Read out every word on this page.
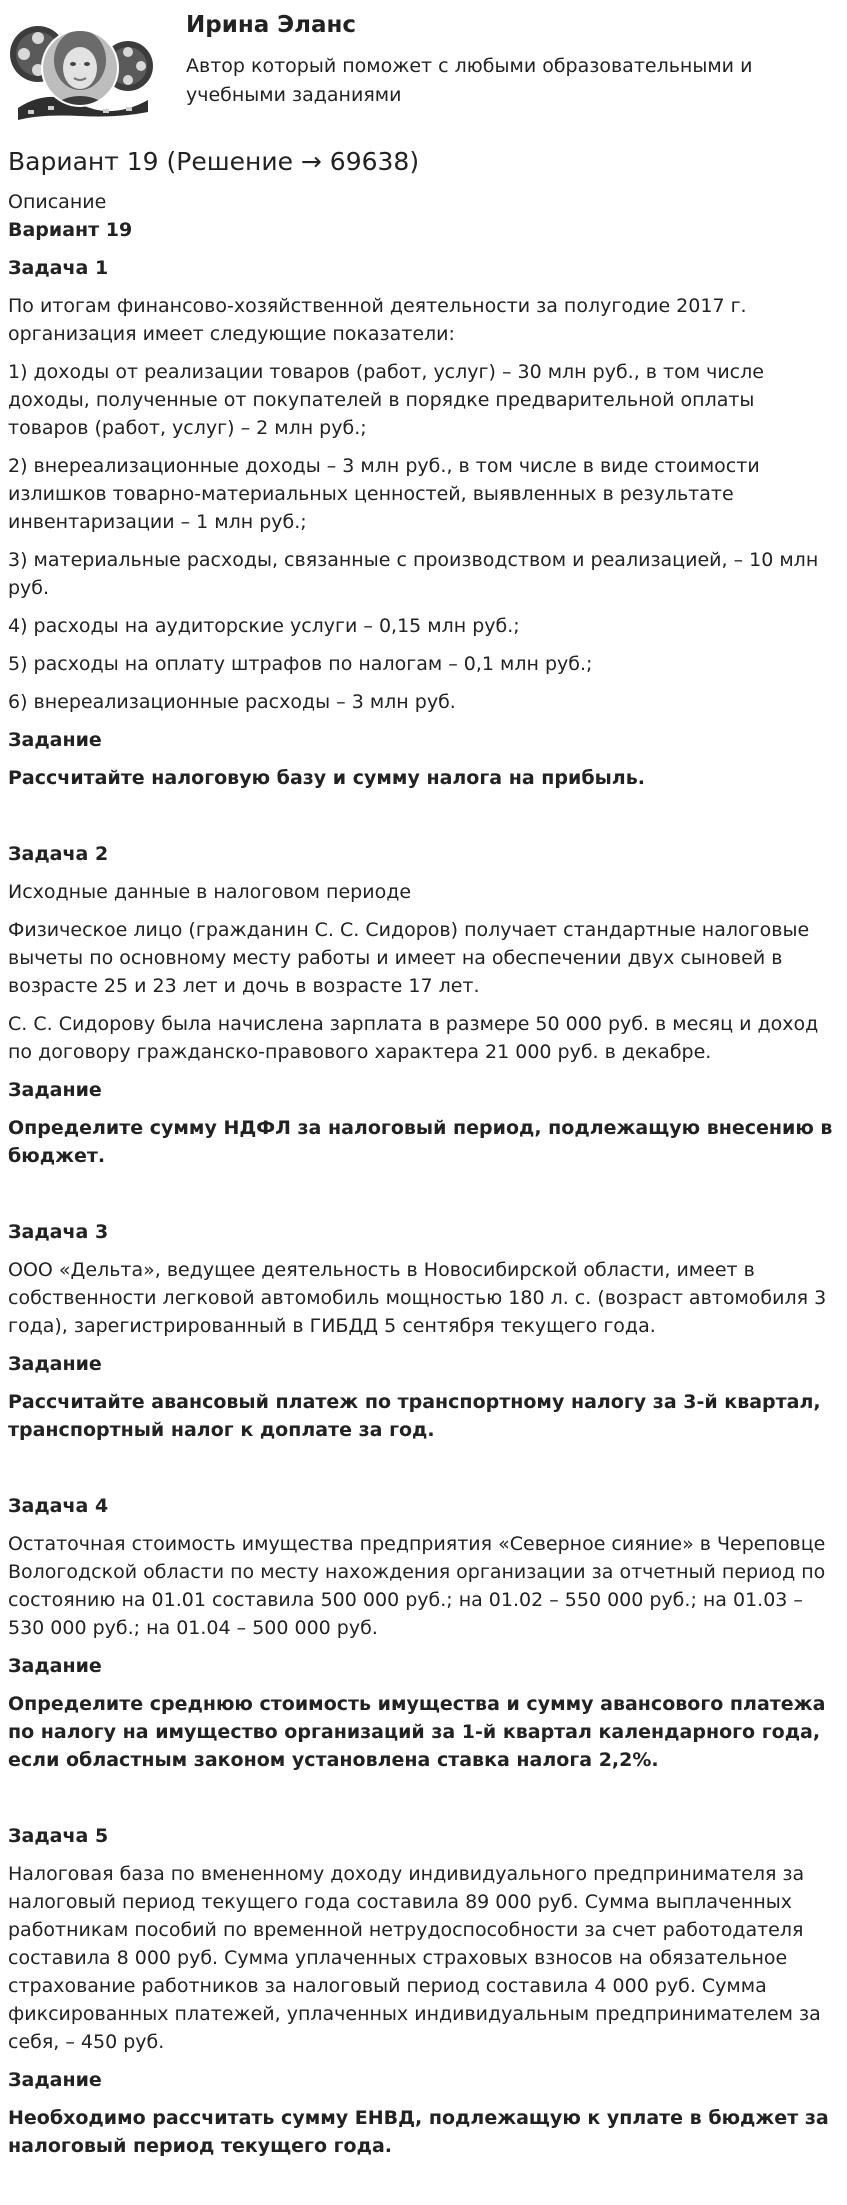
Ирина Эланс
Автор который поможет с любыми образовательными и учебными заданиями
Вариант 19 (Решение → 69638)
Описание
Вариант 19
Задача 1
По итогам финансово-хозяйственной деятельности за полугодие 2017 г. организация имеет следующие показатели:
1) доходы от реализации товаров (работ, услуг) – 30 млн руб., в том числе доходы, полученные от покупателей в порядке предварительной оплаты товаров (работ, услуг) – 2 млн руб.;
2) внереализационные доходы – 3 млн руб., в том числе в виде стоимости излишков товарно-материальных ценностей, выявленных в результате инвентаризации – 1 млн руб.;
3) материальные расходы, связанные с производством и реализацией, – 10 млн руб.
4) расходы на аудиторские услуги – 0,15 млн руб.;
5) расходы на оплату штрафов по налогам – 0,1 млн руб.;
6) внереализационные расходы – 3 млн руб.
Задание
Рассчитайте налоговую базу и сумму налога на прибыль.
Задача 2
Исходные данные в налоговом периоде
Физическое лицо (гражданин С. С. Сидоров) получает стандартные налоговые вычеты по основному месту работы и имеет на обеспечении двух сыновей в возрасте 25 и 23 лет и дочь в возрасте 17 лет.
С. С. Сидорову была начислена зарплата в размере 50 000 руб. в месяц и доход по договору гражданско-правового характера 21 000 руб. в декабре.
Задание
Определите сумму НДФЛ за налоговый период, подлежащую внесению в бюджет.
Задача 3
ООО «Дельта», ведущее деятельность в Новосибирской области, имеет в собственности легковой автомобиль мощностью 180 л. с. (возраст автомобиля 3 года), зарегистрированный в ГИБДД 5 сентября текущего года.
Задание
Рассчитайте авансовый платеж по транспортному налогу за 3-й квартал, транспортный налог к доплате за год.
Задача 4
Остаточная стоимость имущества предприятия «Северное сияние» в Череповце Вологодской области по месту нахождения организации за отчетный период по состоянию на 01.01 составила 500 000 руб.; на 01.02 – 550 000 руб.; на 01.03 – 530 000 руб.; на 01.04 – 500 000 руб.
Задание
Определите среднюю стоимость имущества и сумму авансового платежа по налогу на имущество организаций за 1-й квартал календарного года, если областным законом установлена ставка налога 2,2%.
Задача 5
Налоговая база по вмененному доходу индивидуального предпринимателя за налоговый период текущего года составила 89 000 руб. Сумма выплаченных работникам пособий по временной нетрудоспособности за счет работодателя составила 8 000 руб. Сумма уплаченных страховых взносов на обязательное страхование работников за налоговый период составила 4 000 руб. Сумма фиксированных платежей, уплаченных индивидуальным предпринимателем за себя, – 450 руб.
Задание
Необходимо рассчитать сумму ЕНВД, подлежащую к уплате в бюджет за налоговый период текущего года.
